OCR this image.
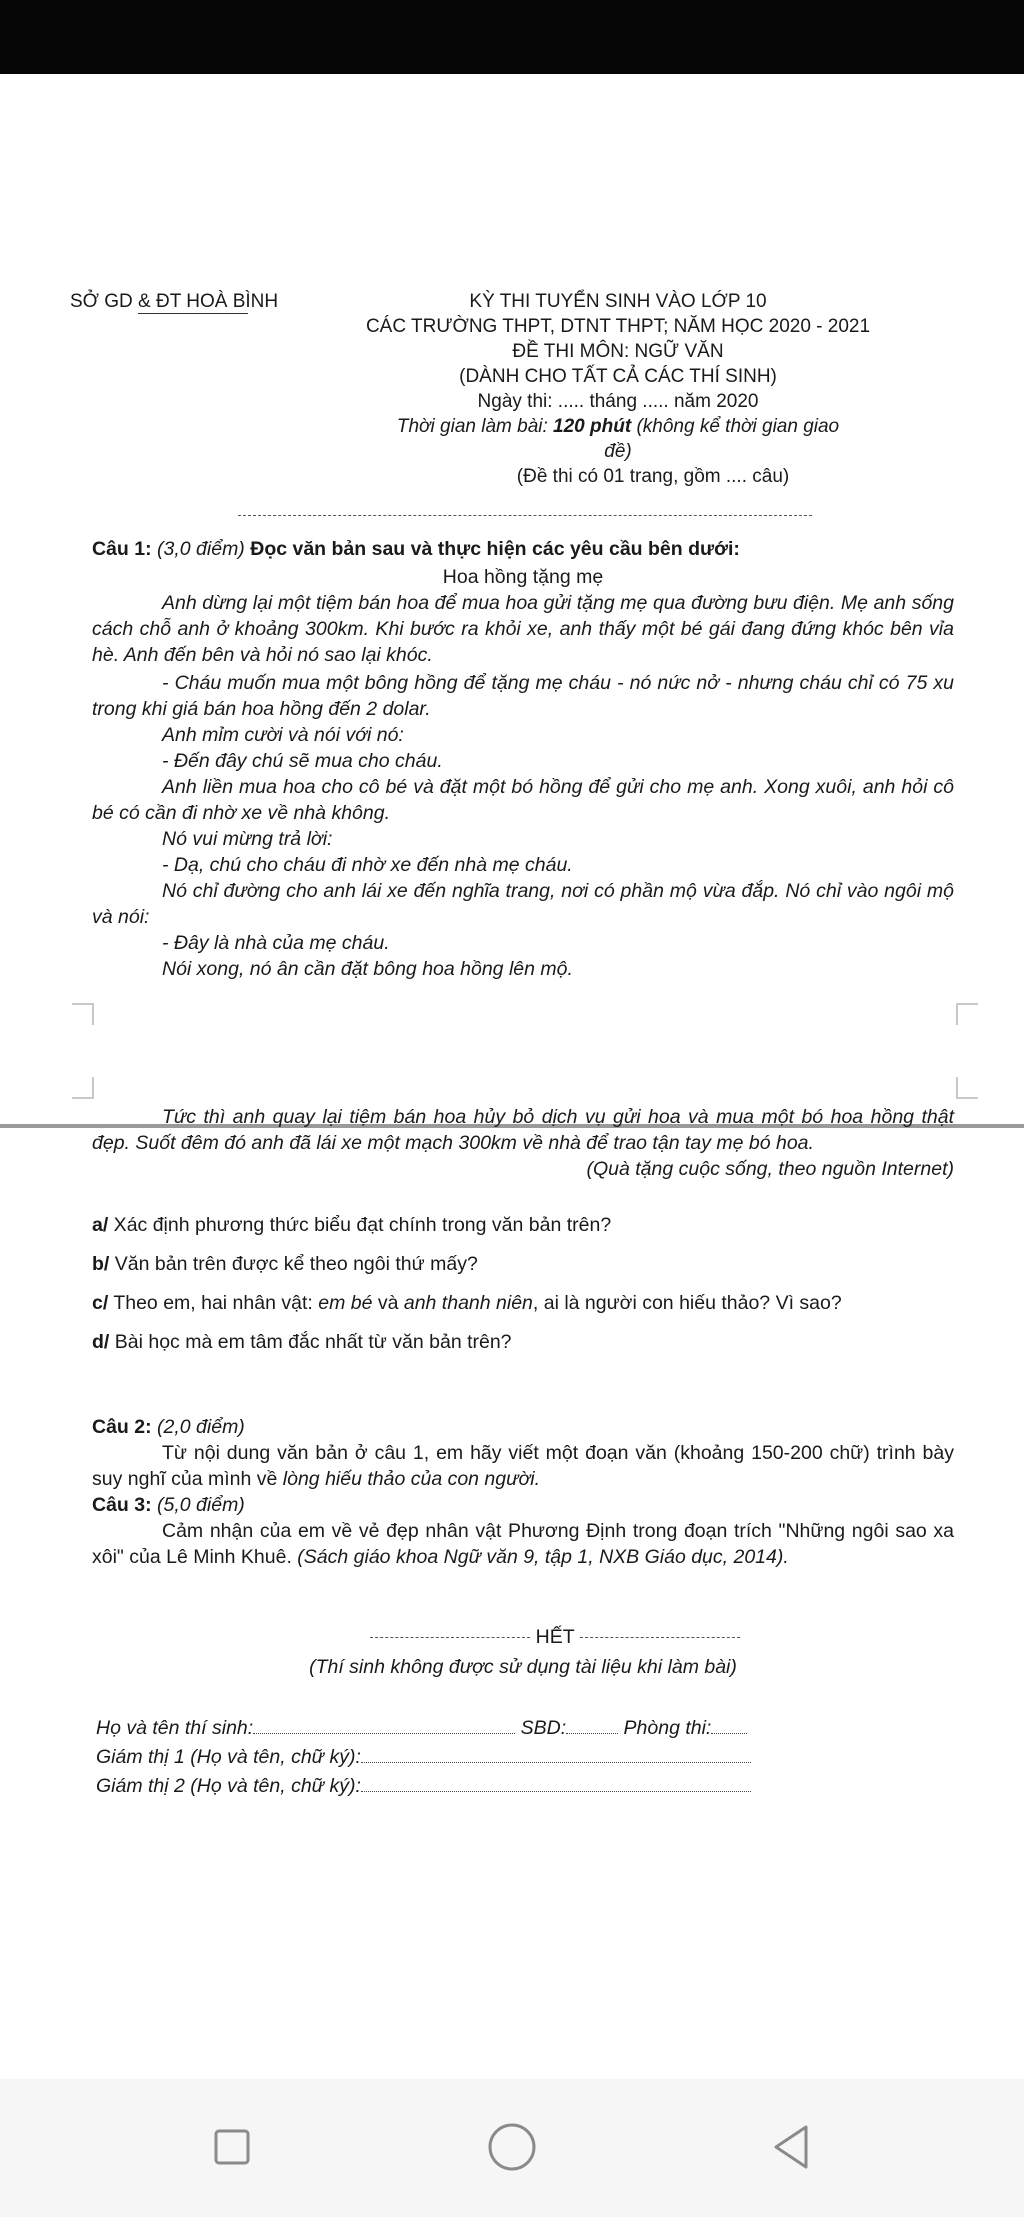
SỞ GD & ĐT HOÀ BÌNH	KỲ THI TUYỂN SINH VÀO LỚP 10
CÁC TRƯỜNG THPT, DTNT THPT; NĂM HỌC 2020 - 2021
ĐỀ THI MÔN: NGỮ VĂN
(DÀNH CHO TẤT CẢ CÁC THÍ SINH)
Ngày thi: ..... tháng ..... năm 2020
Thời gian làm bài: 120 phút (không kể thời gian giao
đề)
(Đề thi có 01 trang, gồm .... câu)
Câu 1: (3,0 điểm) Đọc văn bản sau và thực hiện các yêu cầu bên dưới:
Hoa hồng tặng mẹ

Anh dừng lại một tiệm bán hoa để mua hoa gửi tặng mẹ qua đường bưu điện. Mẹ anh sống cách chỗ anh ở khoảng 300km. Khi bước ra khỏi xe, anh thấy một bé gái đang đứng khóc bên vỉa hè. Anh đến bên và hỏi nó sao lại khóc.

- Cháu muốn mua một bông hồng để tặng mẹ cháu - nó nức nở - nhưng cháu chỉ có 75 xu trong khi giá bán hoa hồng đến 2 dolar.

Anh mỉm cười và nói với nó:

- Đến đây chú sẽ mua cho cháu.

Anh liền mua hoa cho cô bé và đặt một bó hồng để gửi cho mẹ anh. Xong xuôi, anh hỏi cô bé có cần đi nhờ xe về nhà không.

Nó vui mừng trả lời:

- Dạ, chú cho cháu đi nhờ xe đến nhà mẹ cháu.

Nó chỉ đường cho anh lái xe đến nghĩa trang, nơi có phần mộ vừa đắp. Nó chỉ vào ngôi mộ và nói:

- Đây là nhà của mẹ cháu.

Nói xong, nó ân cần đặt bông hoa hồng lên mộ.

Tức thì anh quay lại tiệm bán hoa hủy bỏ dịch vụ gửi hoa và mua một bó hoa hồng thật đẹp. Suốt đêm đó anh đã lái xe một mạch 300km về nhà để trao tận tay mẹ bó hoa.

(Quà tặng cuộc sống, theo nguồn Internet)

a/ Xác định phương thức biểu đạt chính trong văn bản trên?

b/ Văn bản trên được kể theo ngôi thứ mấy?

c/ Theo em, hai nhân vật: em bé và anh thanh niên, ai là người con hiếu thảo? Vì sao?

d/ Bài học mà em tâm đắc nhất từ văn bản trên?

Câu 2: (2,0 điểm)

Từ nội dung văn bản ở câu 1, em hãy viết một đoạn văn (khoảng 150-200 chữ) trình bày suy nghĩ của mình về lòng hiếu thảo của con người.

Câu 3: (5,0 điểm)

Cảm nhận của em về vẻ đẹp nhân vật Phương Định trong đoạn trích "Những ngôi sao xa xôi" của Lê Minh Khuê. (Sách giáo khoa Ngữ văn 9, tập 1, NXB Giáo dục, 2014).

HẾT
(Thí sinh không được sử dụng tài liệu khi làm bài)

Họ và tên thí sinh:	SBD:	Phòng thi:

Giám thị 1 (Họ và tên, chữ ký):

Giám thị 2 (Họ và tên, chữ ký):
